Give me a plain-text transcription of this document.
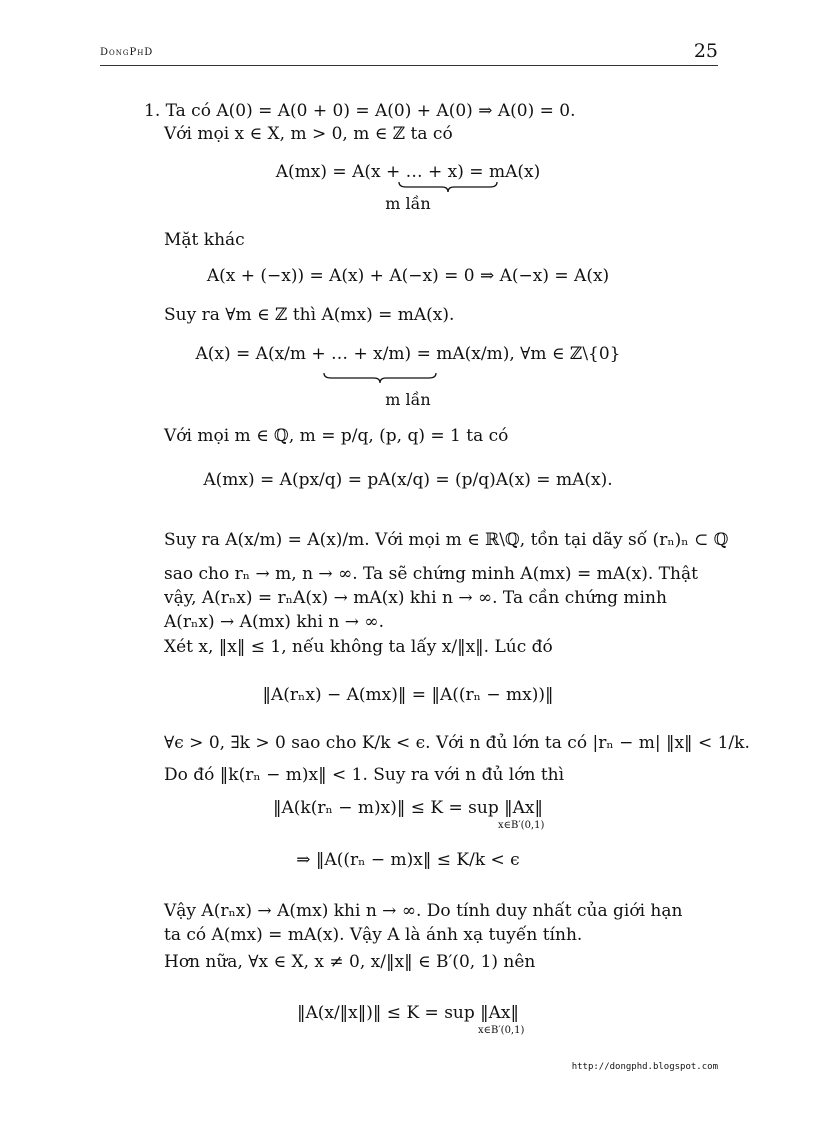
DongPhD	25
1. Ta có A(0) = A(0 + 0) = A(0) + A(0) ⇒ A(0) = 0.
Với mọi x ∈ X, m > 0, m ∈ ℤ ta có
A(mx) = A(x + … + x) = mA(x)
m lần
Mặt khác
A(x + (−x)) = A(x) + A(−x) = 0 ⇒ A(−x) = A(x)
Suy ra ∀m ∈ ℤ thì A(mx) = mA(x).
A(x) = A(x/m + … + x/m) = mA(x/m), ∀m ∈ ℤ\{0}
m lần
Với mọi m ∈ ℚ, m = p/q, (p, q) = 1 ta có
A(mx) = A(px/q) = pA(x/q) = (p/q)A(x) = mA(x).
Suy ra A(x/m) = A(x)/m. Với mọi m ∈ ℝ\ℚ, tồn tại dãy số (rₙ)ₙ ⊂ ℚ
sao cho rₙ → m, n → ∞. Ta sẽ chứng minh A(mx) = mA(x). Thật
vậy, A(rₙx) = rₙA(x) → mA(x) khi n → ∞. Ta cần chứng minh
A(rₙx) → A(mx) khi n → ∞.
Xét x, ‖x‖ ≤ 1, nếu không ta lấy x/‖x‖. Lúc đó
‖A(rₙx) − A(mx)‖ = ‖A((rₙ − mx))‖
∀ϵ > 0, ∃k > 0 sao cho K/k < ϵ. Với n đủ lớn ta có |rₙ − m| ‖x‖ < 1/k.
Do đó ‖k(rₙ − m)x‖ < 1. Suy ra với n đủ lớn thì
‖A(k(rₙ − m)x)‖ ≤ K = sup ‖Ax‖
x∈B′(0,1)
⇒ ‖A((rₙ − m)x‖ ≤ K/k < ϵ
Vậy A(rₙx) → A(mx) khi n → ∞. Do tính duy nhất của giới hạn
ta có A(mx) = mA(x). Vậy A là ánh xạ tuyến tính.
Hơn nữa, ∀x ∈ X, x ≠ 0, x/‖x‖ ∈ B′(0, 1) nên
‖A(x/‖x‖)‖ ≤ K = sup ‖Ax‖
x∈B′(0,1)
http://dongphd.blogspot.com
